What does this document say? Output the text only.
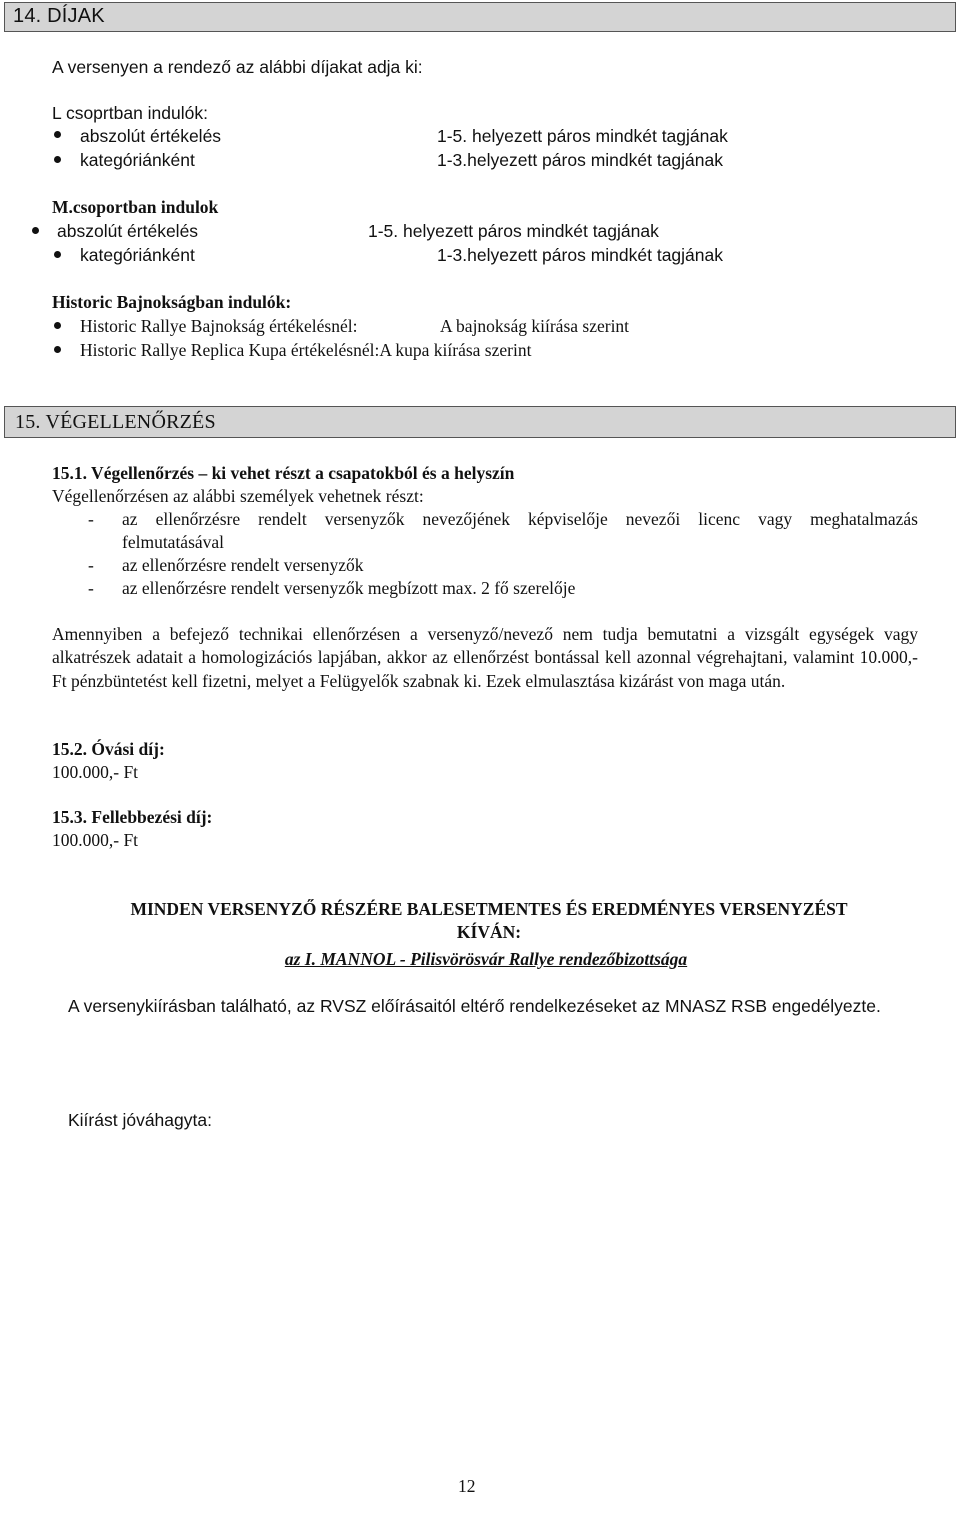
14. DÍJAK
A versenyen a rendező az alábbi díjakat adja ki:
L csoprtban indulók:
abszolút értékelés	1-5. helyezett páros mindkét tagjának
kategóriánként	1-3.helyezett páros mindkét tagjának
M.csoportban indulok
abszolút értékelés	1-5. helyezett páros mindkét tagjának
kategóriánként	1-3.helyezett páros mindkét tagjának
Historic Bajnokságban indulók:
Historic Rallye Bajnokság értékelésnél:	A bajnokság kiírása szerint
Historic Rallye Replica Kupa értékelésnél:A kupa kiírása szerint
15. VÉGELLENŐRZÉS
15.1. Végellenőrzés – ki vehet részt a csapatokból és a helyszín
Végellenőrzésen az alábbi személyek vehetnek részt:
- az ellenőrzésre rendelt versenyzők nevezőjének képviselője nevezői licenc vagy meghatalmazás
felmutatásával
- az ellenőrzésre rendelt versenyzők
- az ellenőrzésre rendelt versenyzők megbízott max. 2 fő szerelője
Amennyiben a befejező technikai ellenőrzésen a versenyző/nevező nem tudja bemutatni a vizsgált egységek vagy alkatrészek adatait a homologizációs lapjában, akkor az ellenőrzést bontással kell azonnal végrehajtani, valamint 10.000,- Ft pénzbüntetést kell fizetni, melyet a Felügyelők szabnak ki. Ezek elmulasztása kizárást von maga után.
15.2. Óvási díj:
100.000,- Ft
15.3. Fellebbezési díj:
100.000,- Ft
MINDEN VERSENYZŐ RÉSZÉRE BALESETMENTES ÉS EREDMÉNYES VERSENYZÉST
KÍVÁN:
az I. MANNOL - Pilisvörösvár Rallye rendezőbizottsága
A versenykiírásban található, az RVSZ előírásaitól eltérő rendelkezéseket az MNASZ RSB engedélyezte.
Kiírást jóváhagyta:
12
